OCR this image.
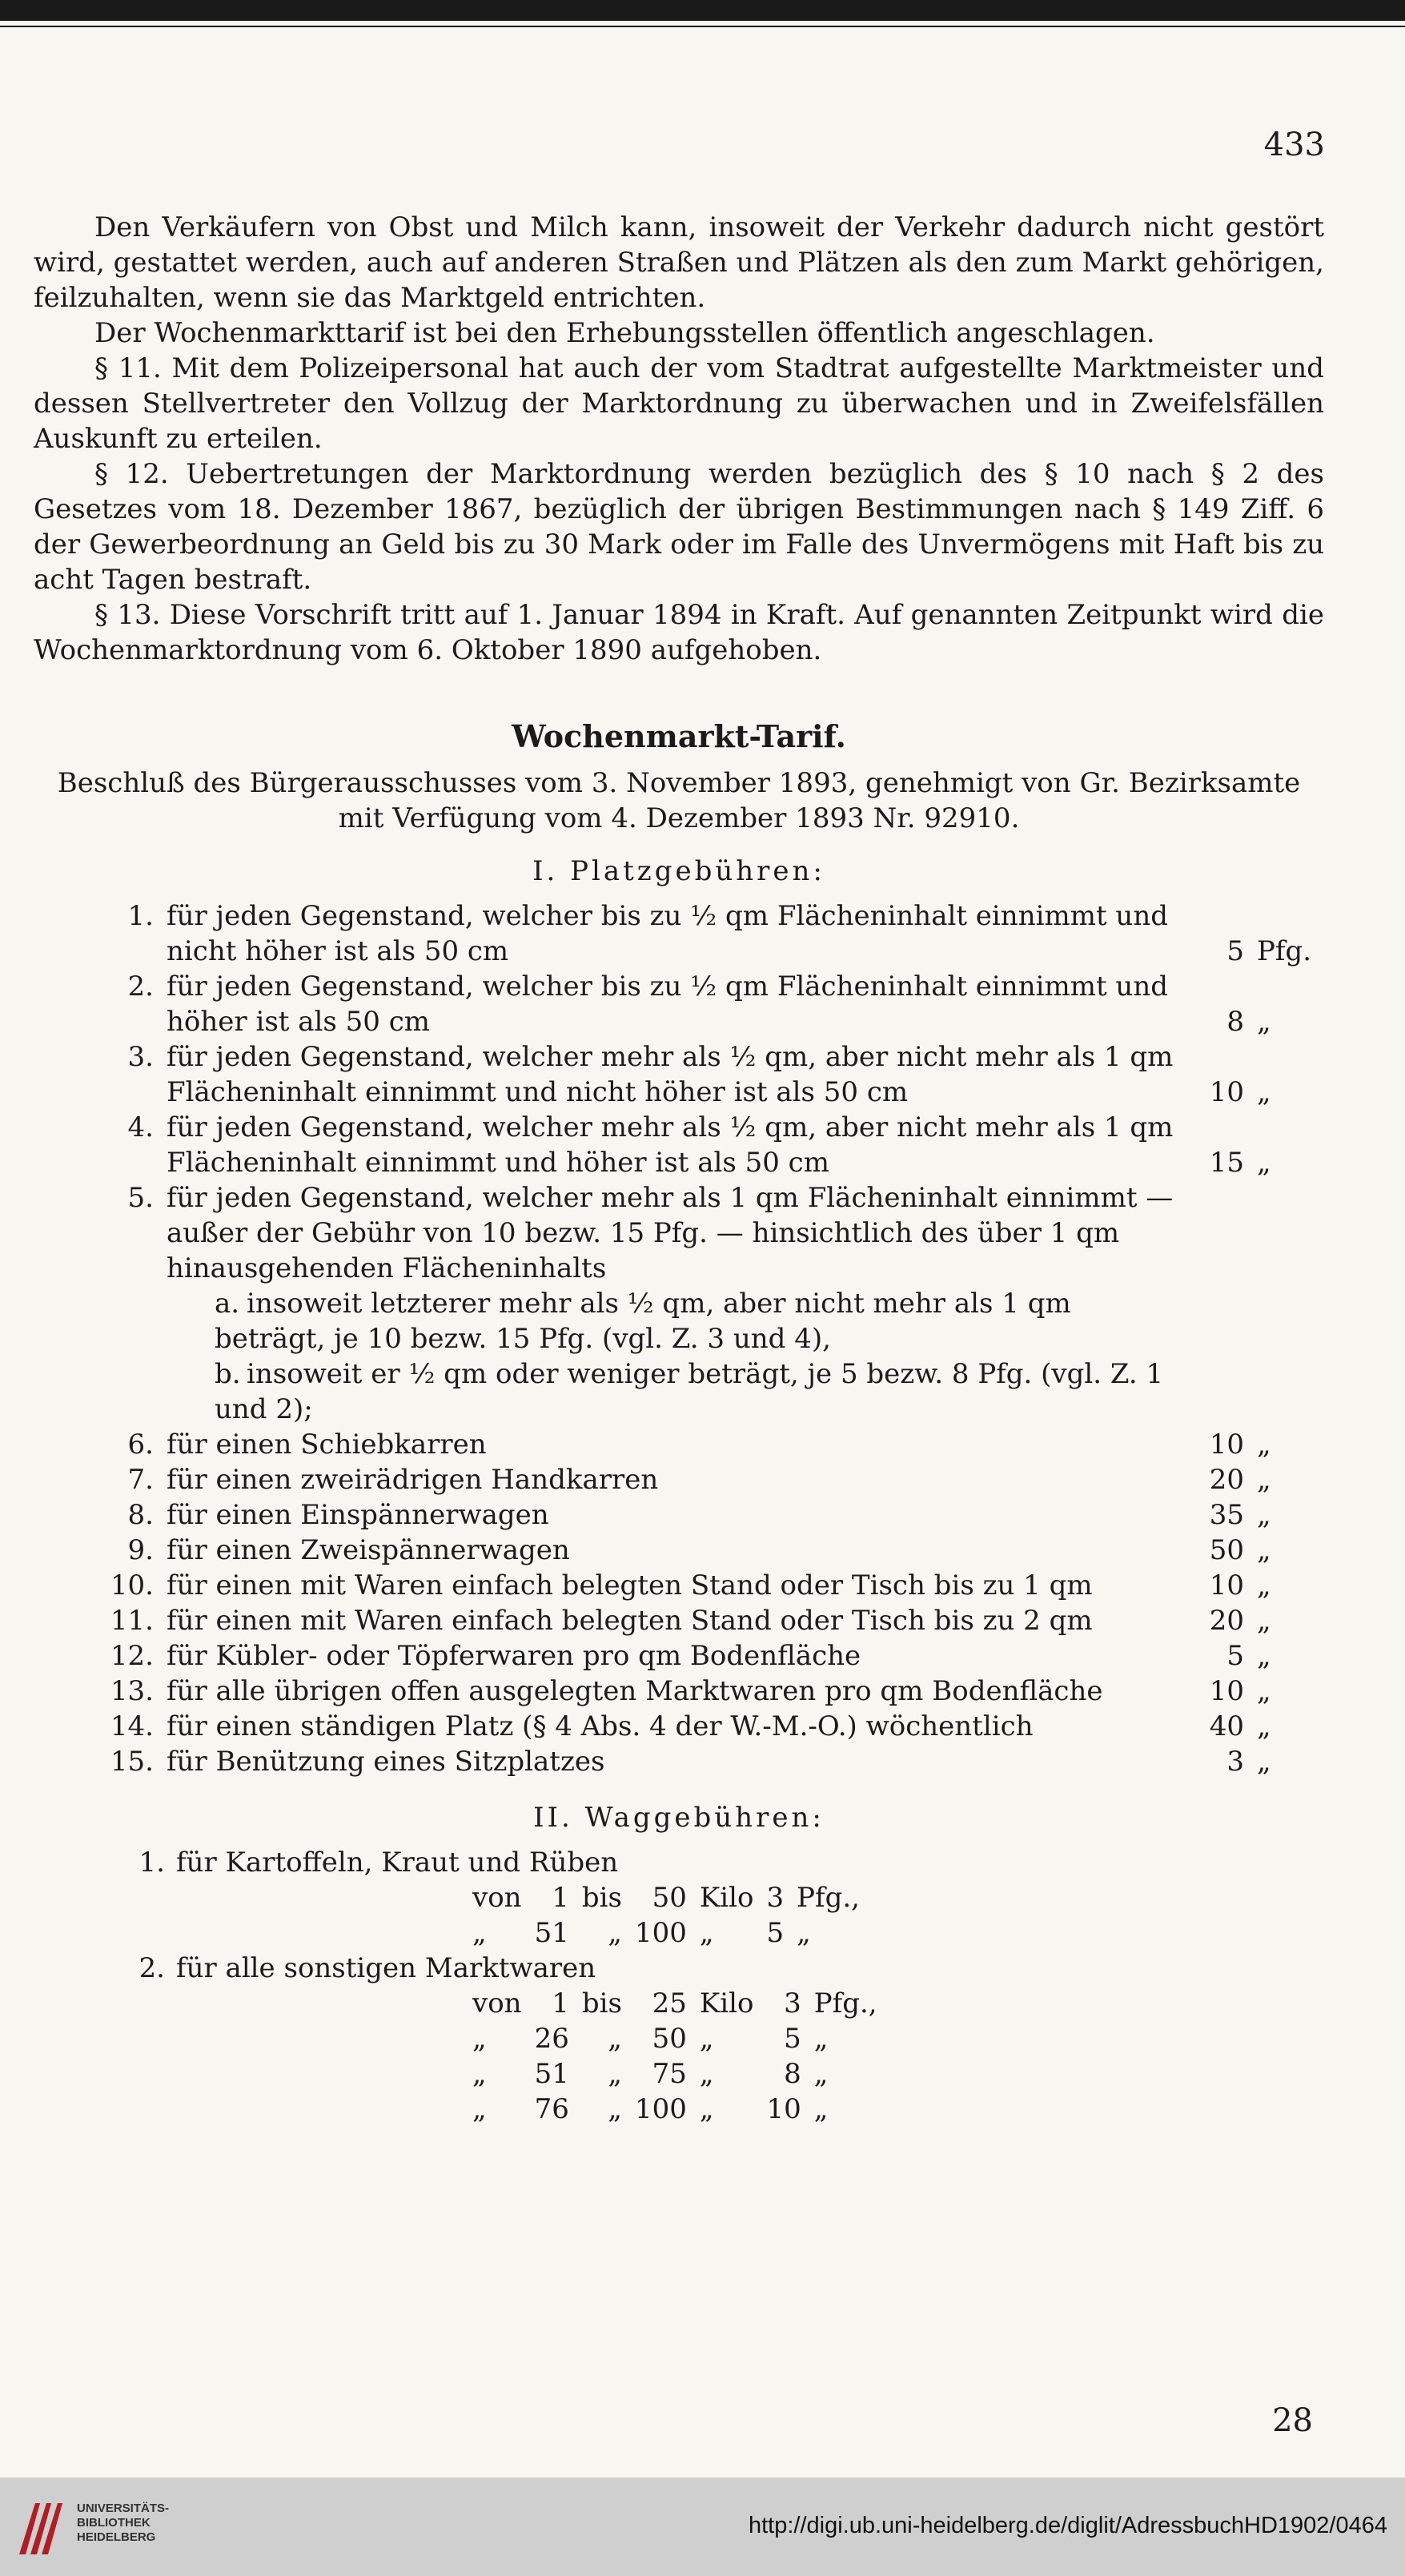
433

Den Verkäufern von Obst und Milch kann, insoweit der Verkehr dadurch nicht gestört wird, gestattet werden, auch auf anderen Straßen und Plätzen als den zum Markt gehörigen, feilzuhalten, wenn sie das Marktgeld entrichten.

Der Wochenmarkttarif ist bei den Erhebungsstellen öffentlich angeschlagen.

§ 11. Mit dem Polizeipersonal hat auch der vom Stadtrat aufgestellte Marktmeister und dessen Stellvertreter den Vollzug der Marktordnung zu überwachen und in Zweifelsfällen Auskunft zu erteilen.

§ 12. Uebertretungen der Marktordnung werden bezüglich des § 10 nach § 2 des Gesetzes vom 18. Dezember 1867, bezüglich der übrigen Bestimmungen nach § 149 Ziff. 6 der Gewerbeordnung an Geld bis zu 30 Mark oder im Falle des Unvermögens mit Haft bis zu acht Tagen bestraft.

§ 13. Diese Vorschrift tritt auf 1. Januar 1894 in Kraft. Auf genannten Zeitpunkt wird die Wochenmarktordnung vom 6. Oktober 1890 aufgehoben.

Wochenmarkt-Tarif.
Beschluß des Bürgerausschusses vom 3. November 1893, genehmigt von Gr. Bezirksamte mit Verfügung vom 4. Dezember 1893 Nr. 92910.
I. Platzgebühren:
1.	für jeden Gegenstand, welcher bis zu ½ qm Flächeninhalt einnimmt und nicht höher ist als 50 cm	5	Pfg.
2.	für jeden Gegenstand, welcher bis zu ½ qm Flächeninhalt einnimmt und höher ist als 50 cm	8	„
3.	für jeden Gegenstand, welcher mehr als ½ qm, aber nicht mehr als 1 qm Flächeninhalt einnimmt und nicht höher ist als 50 cm	10	„
4.	für jeden Gegenstand, welcher mehr als ½ qm, aber nicht mehr als 1 qm Flächeninhalt einnimmt und höher ist als 50 cm	15	„
5.	für jeden Gegenstand, welcher mehr als 1 qm Flächeninhalt einnimmt — außer der Gebühr von 10 bezw. 15 Pfg. — hinsichtlich des über 1 qm hinausgehenden Flächeninhalts		
	a. insoweit letzterer mehr als ½ qm, aber nicht mehr als 1 qm beträgt, je 10 bezw. 15 Pfg. (vgl. Z. 3 und 4),		
	b. insoweit er ½ qm oder weniger beträgt, je 5 bezw. 8 Pfg. (vgl. Z. 1 und 2);		
6.	für einen Schiebkarren	10	„
7.	für einen zweirädrigen Handkarren	20	„
8.	für einen Einspännerwagen	35	„
9.	für einen Zweispännerwagen	50	„
10.	für einen mit Waren einfach belegten Stand oder Tisch bis zu 1 qm	10	„
11.	für einen mit Waren einfach belegten Stand oder Tisch bis zu 2 qm	20	„
12.	für Kübler- oder Töpferwaren pro qm Bodenfläche	5	„
13.	für alle übrigen offen ausgelegten Marktwaren pro qm Bodenfläche	10	„
14.	für einen ständigen Platz (§ 4 Abs. 4 der W.-M.-O.) wöchentlich	40	„
15.	für Benützung eines Sitzplatzes	3	„
II. Waggebühren:
1. für Kartoffeln, Kraut und Rüben
von	1	bis	50	Kilo	3	Pfg.,
„	51	„	100	„	5	„
2. für alle sonstigen Marktwaren
von	1	bis	25	Kilo	3	Pfg.,
„	26	„	50	„	5	„
„	51	„	75	„	8	„
„	76	„	100	„	10	„
28
UNIVERSITÄTS-
BIBLIOTHEK
HEIDELBERG	http://digi.ub.uni-heidelberg.de/diglit/AdressbuchHD1902/0464
